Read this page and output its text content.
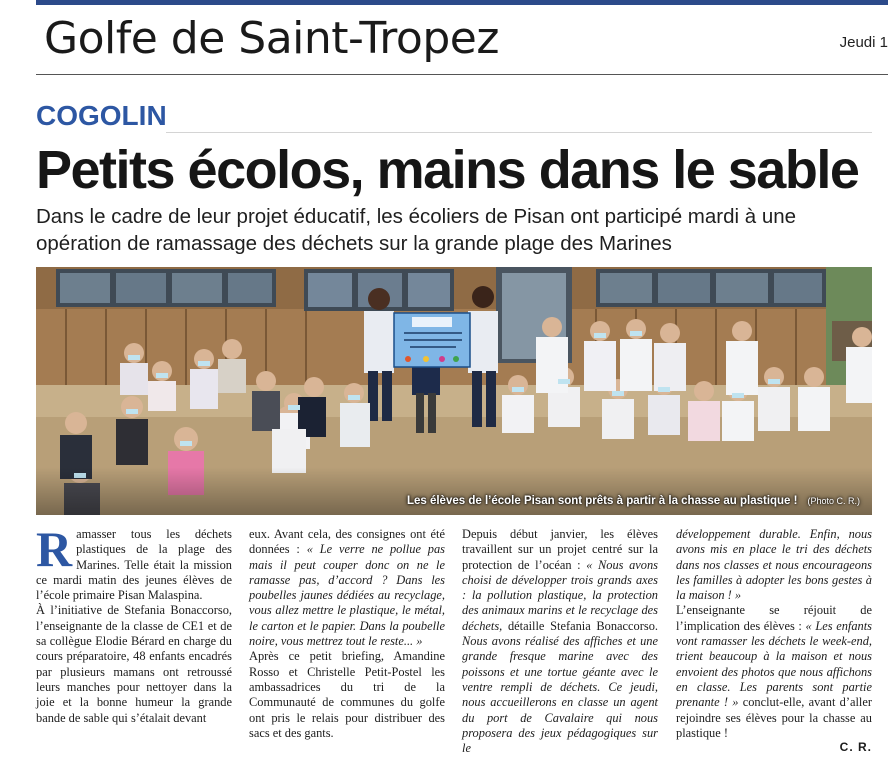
Golfe de Saint-Tropez	Jeudi 1
COGOLIN
Petits écolos, mains dans le sable
Dans le cadre de leur projet éducatif, les écoliers de Pisan ont participé mardi à une opération de ramassage des déchets sur la grande plage des Marines
Les élèves de l’école Pisan sont prêts à partir à la chasse au plastique ! (Photo C. R.)

Ramasser tous les déchets plastiques de la plage des Marines. Telle était la mission ce mardi matin des jeunes élèves de l’école primaire Pisan Malaspina.

À l’initiative de Stefania Bonaccorso, l’enseignante de la classe de CE1 et de sa collègue Elodie Bérard en charge du cours préparatoire, 48 enfants encadrés par plusieurs mamans ont retroussé leurs manches pour nettoyer dans la joie et la bonne humeur la grande bande de sable qui s’étalait devant

eux. Avant cela, des consignes ont été données : « Le verre ne pollue pas mais il peut couper donc on ne le ramasse pas, d’accord ? Dans les poubelles jaunes dédiées au recyclage, vous allez mettre le plastique, le métal, le carton et le papier. Dans la poubelle noire, vous mettrez tout le reste... »

Après ce petit briefing, Amandine Rosso et Christelle Petit-Postel les ambassadrices du tri de la Communauté de communes du golfe ont pris le relais pour distribuer des sacs et des gants.

Depuis début janvier, les élèves travaillent sur un projet centré sur la protection de l’océan : « Nous avons choisi de développer trois grands axes : la pollution plastique, la protection des animaux marins et le recyclage des déchets, détaille Stefania Bonaccorso. Nous avons réalisé des affiches et une grande fresque marine avec des poissons et une tortue géante avec le ventre rempli de déchets. Ce jeudi, nous accueillerons en classe un agent du port de Cavalaire qui nous proposera des jeux pédagogiques sur le

développement durable. Enfin, nous avons mis en place le tri des déchets dans nos classes et nous encourageons les familles à adopter les bons gestes à la maison ! »

L’enseignante se réjouit de l’implication des élèves : « Les enfants vont ramasser les déchets le week-end, trient beaucoup à la maison et nous envoient des photos que nous affichons en classe. Les parents sont partie prenante ! » conclut-elle, avant d’aller rejoindre ses élèves pour la chasse au plastique !

C. R.
